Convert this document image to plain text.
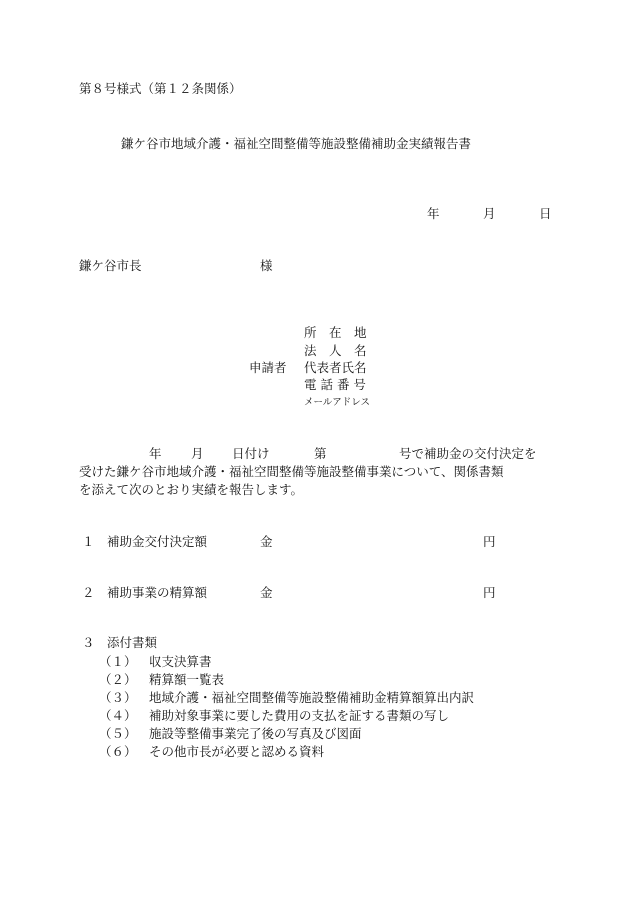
第８号様式（第１２条関係）
鎌ケ谷市地域介護・福祉空間整備等施設整備補助金実績報告書
年	月	日
鎌ケ谷市長	様
所　在　地
法　人　名
申請者 代表者氏名
電 話 番 号
メールアドレス
年 月 日付け	第	号で補助金の交付決定を
受けた鎌ケ谷市地域介護・福祉空間整備等施設整備事業について、関係書類
を添えて次のとおり実績を報告します。
１ 補助金交付決定額	金	円
２ 補助事業の精算額	金	円
３ 添付書類
（１） 収支決算書
（２） 精算額一覧表
（３） 地域介護・福祉空間整備等施設整備補助金精算額算出内訳
（４） 補助対象事業に要した費用の支払を証する書類の写し
（５） 施設等整備事業完了後の写真及び図面
（６） その他市長が必要と認める資料
